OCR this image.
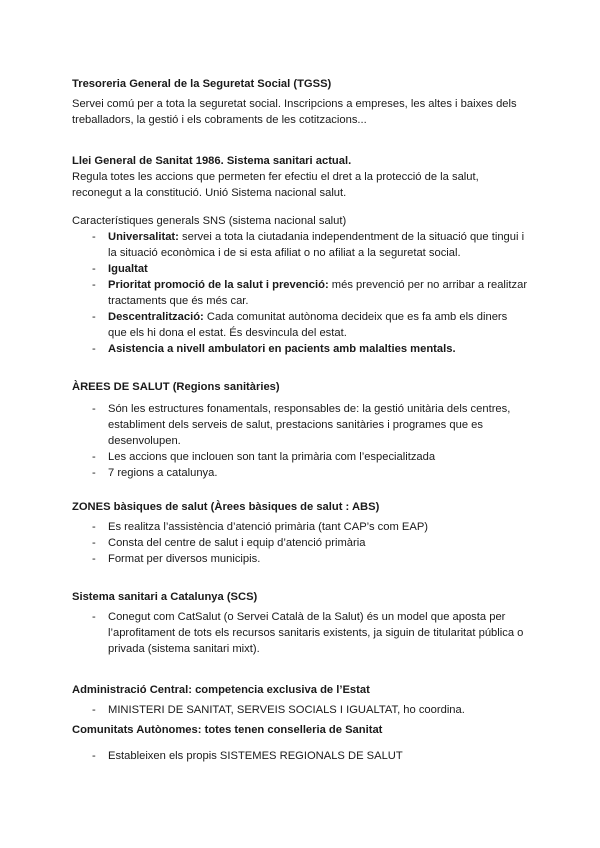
Tresoreria General de la Seguretat Social (TGSS)

Servei comú per a tota la seguretat social. Inscripcions a empreses, les altes i baixes dels treballadors, la gestió i els cobraments de les cotitzacions...

Llei General de Sanitat 1986. Sistema sanitari actual.

Regula totes les accions que permeten fer efectiu el dret a la protecció de la salut, reconegut a la constitució. Unió Sistema nacional salut.

Característiques generals SNS (sistema nacional salut)

- Universalitat: servei a tota la ciutadania independentment de la situació que tingui i la situació econòmica i de si esta afiliat o no afiliat a la seguretat social.
- Igualtat
- Prioritat promoció de la salut i prevenció: més prevenció per no arribar a realitzar tractaments que és més car.
- Descentralització: Cada comunitat autònoma decideix que es fa amb els diners que els hi dona el estat. És desvincula del estat.
- Asistencia a nivell ambulatori en pacients amb malalties mentals.
ÀREES DE SALUT (Regions sanitàries)
- Són les estructures fonamentals, responsables de: la gestió unitària dels centres, establiment dels serveis de salut, prestacions sanitàries i programes que es desenvolupen.
- Les accions que inclouen son tant la primària com l’especialitzada
- 7 regions a catalunya.
ZONES bàsiques de salut (Àrees bàsiques de salut : ABS)
- Es realitza l’assistència d’atenció primària (tant CAP’s com EAP)
- Consta del centre de salut i equip d’atenció primària
- Format per diversos municipis.
Sistema sanitari a Catalunya (SCS)
- Conegut com CatSalut (o Servei Català de la Salut) és un model que aposta per l’aprofitament de tots els recursos sanitaris existents, ja siguin de titularitat pública o privada (sistema sanitari mixt).
Administració Central: competencia exclusiva de l’Estat
- MINISTERI DE SANITAT, SERVEIS SOCIALS I IGUALTAT, ho coordina.
Comunitats Autònomes: totes tenen conselleria de Sanitat
- Estableixen els propis SISTEMES REGIONALS DE SALUT
